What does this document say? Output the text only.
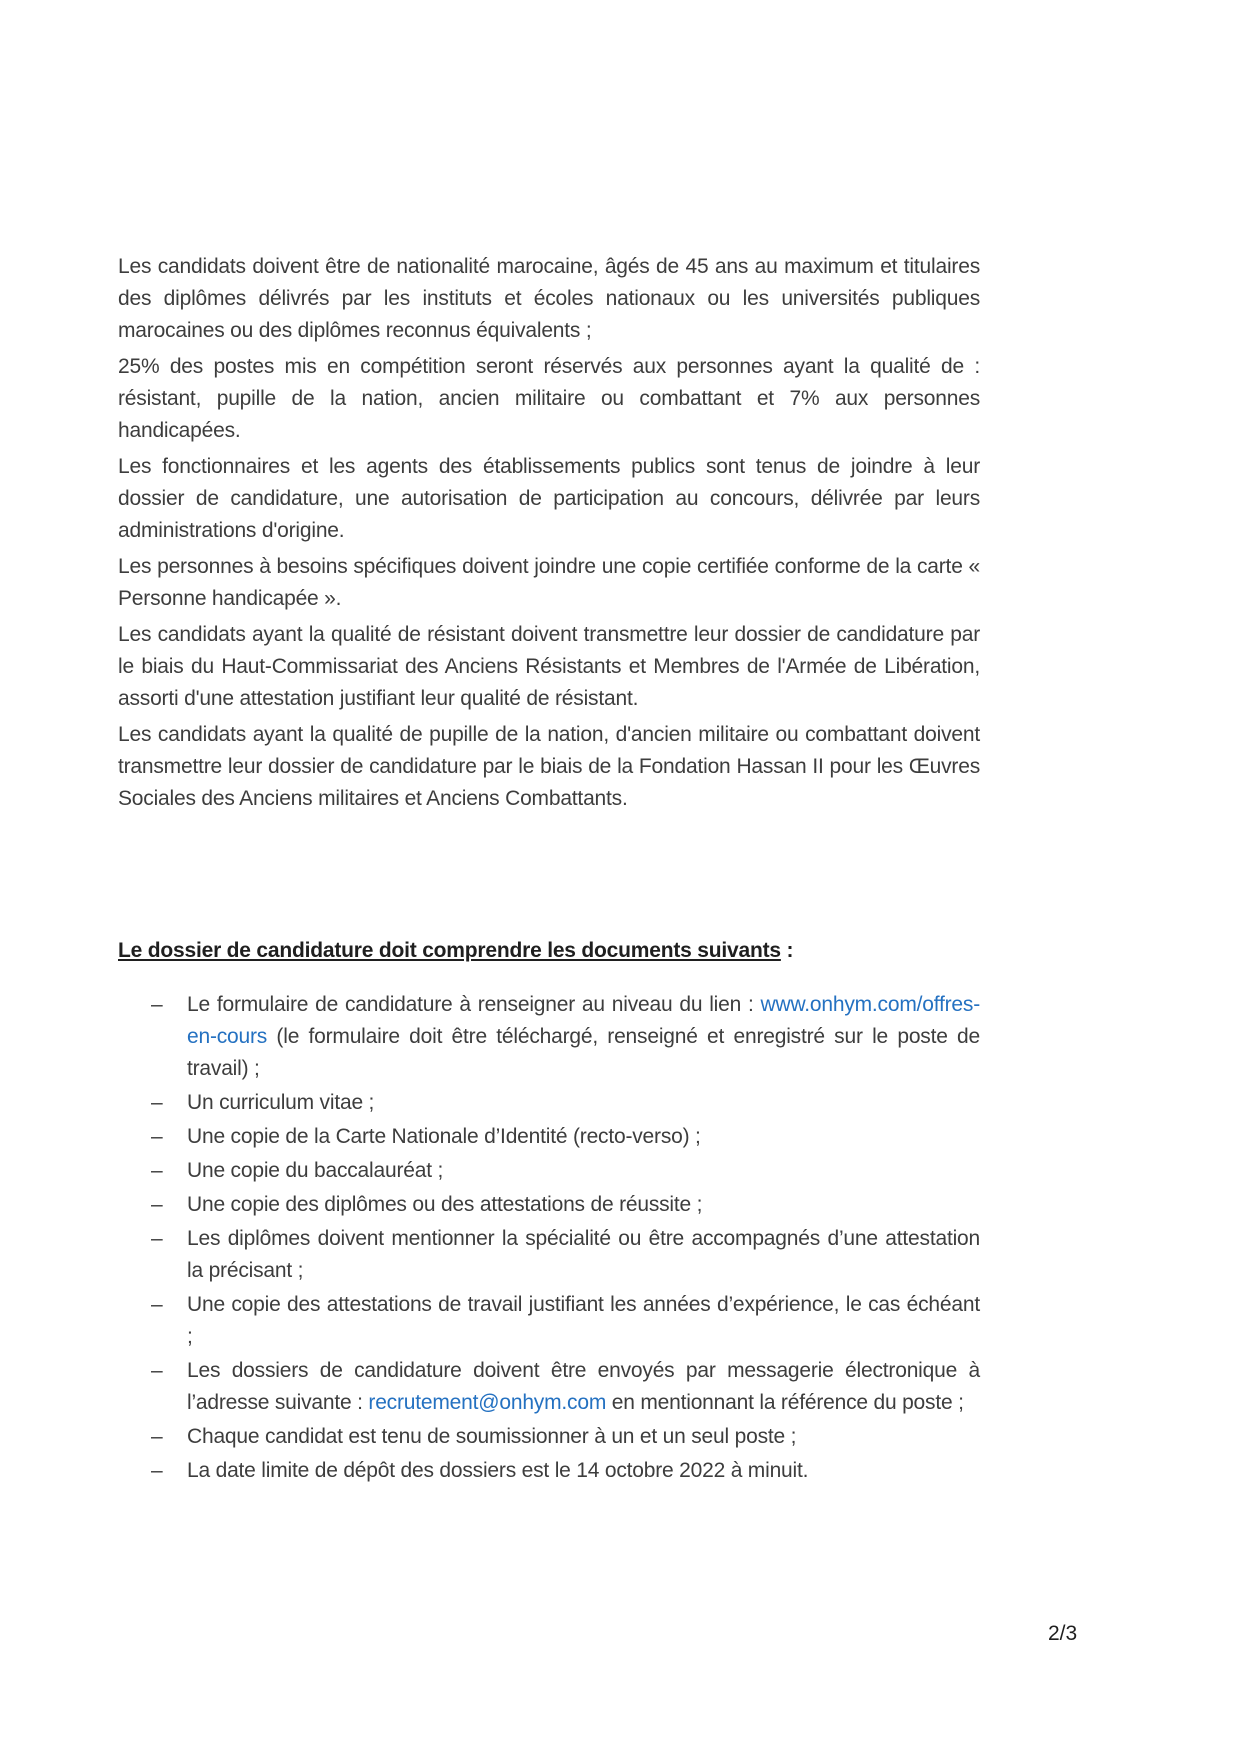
Les candidats doivent être de nationalité marocaine, âgés de 45 ans au maximum et titulaires des diplômes délivrés par les instituts et écoles nationaux ou les universités publiques marocaines ou des diplômes reconnus équivalents ;

25% des postes mis en compétition seront réservés aux personnes ayant la qualité de : résistant, pupille de la nation, ancien militaire ou combattant et 7% aux personnes handicapées.

Les fonctionnaires et les agents des établissements publics sont tenus de joindre à leur dossier de candidature, une autorisation de participation au concours, délivrée par leurs administrations d'origine.

Les personnes à besoins spécifiques doivent joindre une copie certifiée conforme de la carte « Personne handicapée ».

Les candidats ayant la qualité de résistant doivent transmettre leur dossier de candidature par le biais du Haut-Commissariat des Anciens Résistants et Membres de l'Armée de Libération, assorti d'une attestation justifiant leur qualité de résistant.

Les candidats ayant la qualité de pupille de la nation, d'ancien militaire ou combattant doivent transmettre leur dossier de candidature par le biais de la Fondation Hassan II pour les Œuvres Sociales des Anciens militaires et Anciens Combattants.

Le dossier de candidature doit comprendre les documents suivants :
–	Le formulaire de candidature à renseigner au niveau du lien : www.onhym.com/offres-en-cours (le formulaire doit être téléchargé, renseigné et enregistré sur le poste de travail) ;
–	Un curriculum vitae ;
–	Une copie de la Carte Nationale d’Identité (recto-verso) ;
–	Une copie du baccalauréat ;
–	Une copie des diplômes ou des attestations de réussite ;
–	Les diplômes doivent mentionner la spécialité ou être accompagnés d’une attestation la précisant ;
–	Une copie des attestations de travail justifiant les années d’expérience, le cas échéant ;
–	Les dossiers de candidature doivent être envoyés par messagerie électronique à l’adresse suivante : recrutement@onhym.com en mentionnant la référence du poste ;
–	Chaque candidat est tenu de soumissionner à un et un seul poste ;
–	La date limite de dépôt des dossiers est le 14 octobre 2022 à minuit.
2/3
